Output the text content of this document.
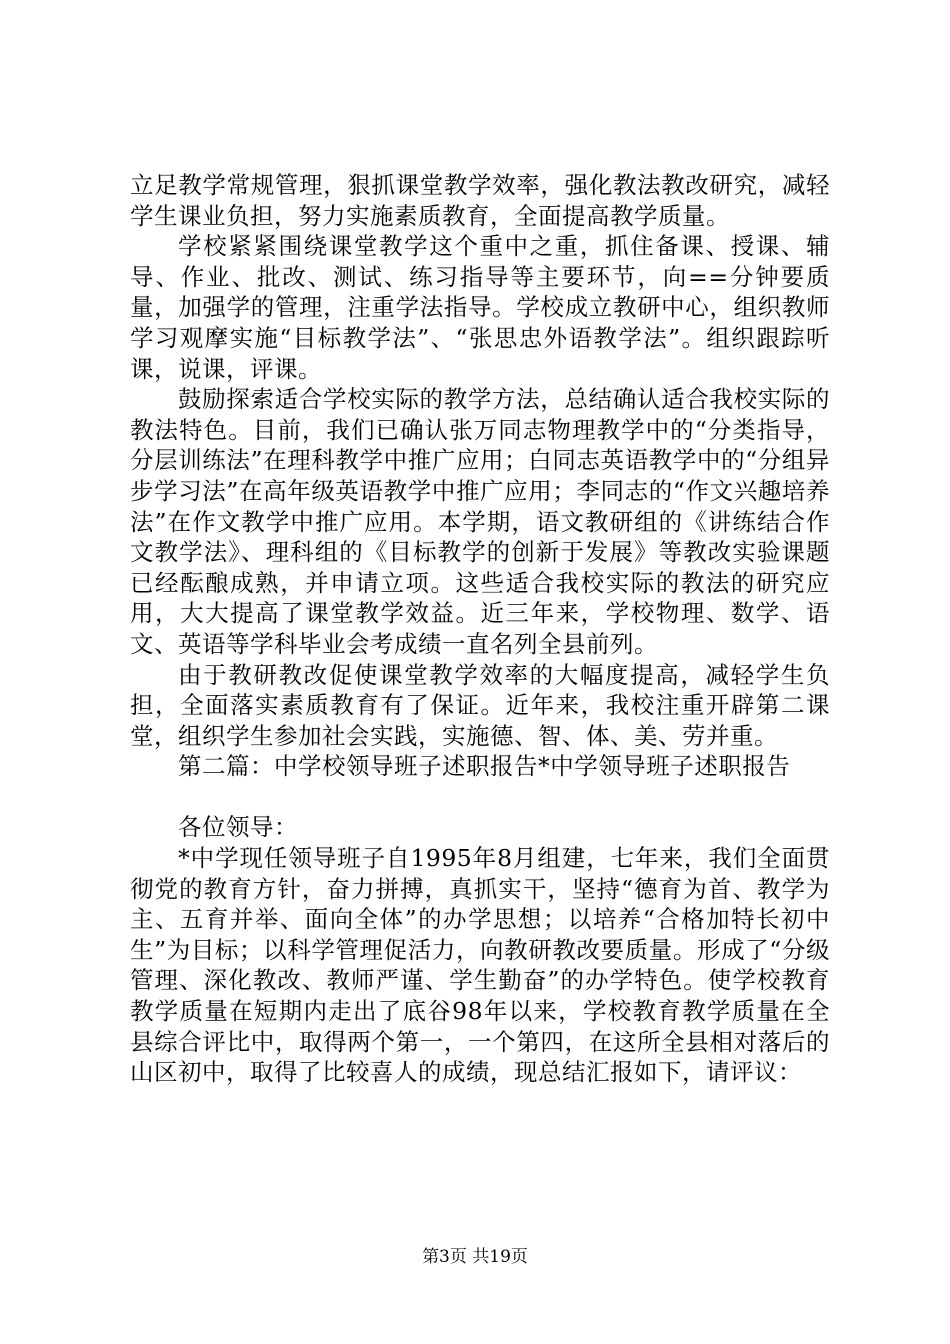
立足教学常规管理，狠抓课堂教学效率，强化教法教改研究，减轻学生课业负担，努力实施素质教育，全面提高教学质量。

学校紧紧围绕课堂教学这个重中之重，抓住备课、授课、辅导、作业、批改、测试、练习指导等主要环节，向==分钟要质量，加强学的管理，注重学法指导。学校成立教研中心，组织教师学习观摩实施“目标教学法”、“张思忠外语教学法”。组织跟踪听课，说课，评课。

鼓励探索适合学校实际的教学方法，总结确认适合我校实际的教法特色。目前，我们已确认张万同志物理教学中的“分类指导，分层训练法”在理科教学中推广应用；白同志英语教学中的“分组异步学习法”在高年级英语教学中推广应用；李同志的“作文兴趣培养法”在作文教学中推广应用。本学期，语文教研组的《讲练结合作文教学法》、理科组的《目标教学的创新于发展》等教改实验课题已经酝酿成熟，并申请立项。这些适合我校实际的教法的研究应用，大大提高了课堂教学效益。近三年来，学校物理、数学、语文、英语等学科毕业会考成绩一直名列全县前列。

由于教研教改促使课堂教学效率的大幅度提高，减轻学生负担，全面落实素质教育有了保证。近年来，我校注重开辟第二课堂，组织学生参加社会实践，实施德、智、体、美、劳并重。

第二篇：中学校领导班子述职报告*中学领导班子述职报告

各位领导：

*中学现任领导班子自1995年8月组建，七年来，我们全面贯彻党的教育方针，奋力拼搏，真抓实干，坚持“德育为首、教学为主、五育并举、面向全体”的办学思想；以培养“合格加特长初中生”为目标；以科学管理促活力，向教研教改要质量。形成了“分级管理、深化教改、教师严谨、学生勤奋”的办学特色。使学校教育教学质量在短期内走出了底谷98年以来，学校教育教学质量在全县综合评比中，取得两个第一，一个第四，在这所全县相对落后的山区初中，取得了比较喜人的成绩，现总结汇报如下，请评议：

第3页 共19页
